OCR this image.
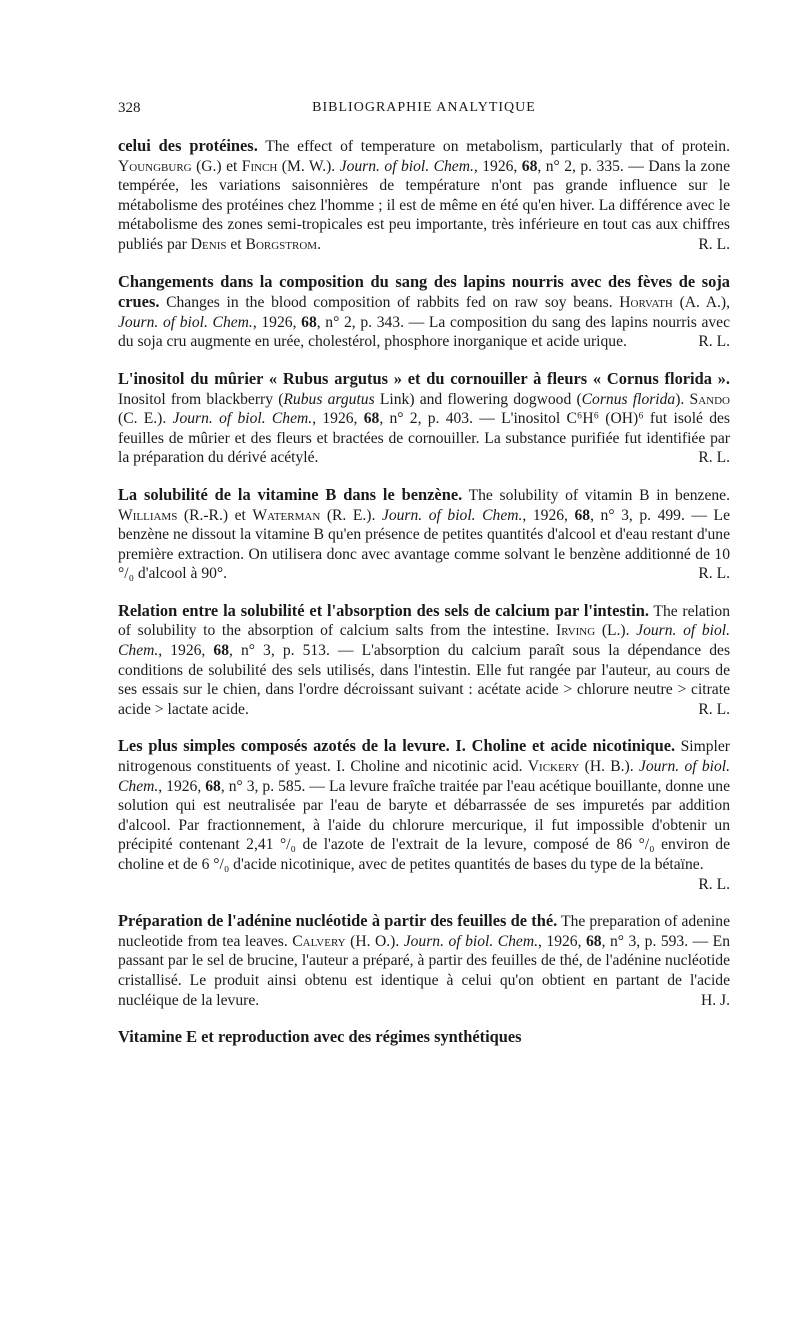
328	BIBLIOGRAPHIE ANALYTIQUE

celui des protéines. The effect of temperature on metabolism, particularly that of protein. Youngburg (G.) et Finch (M. W.). Journ. of biol. Chem., 1926, 68, n° 2, p. 335. — Dans la zone tempérée, les variations saisonnières de température n'ont pas grande influence sur le métabolisme des protéines chez l'homme ; il est de même en été qu'en hiver. La différence avec le métabolisme des zones semi-tropicales est peu importante, très inférieure en tout cas aux chiffres publiés par Denis et Borgstrom.	R. L.

Changements dans la composition du sang des lapins nourris avec des fèves de soja crues. Changes in the blood composition of rabbits fed on raw soy beans. Horvath (A. A.), Journ. of biol. Chem., 1926, 68, n° 2, p. 343. — La composition du sang des lapins nourris avec du soja cru augmente en urée, cholestérol, phosphore inorganique et acide urique.	R. L.

L'inositol du mûrier « Rubus argutus » et du cornouiller à fleurs « Cornus florida ». Inositol from blackberry (Rubus argutus Link) and flowering dogwood (Cornus florida). Sando (C. E.). Journ. of biol. Chem., 1926, 68, n° 2, p. 403. — L'inositol C⁶H⁶ (OH)⁶ fut isolé des feuilles de mûrier et des fleurs et bractées de cornouiller. La substance purifiée fut identifiée par la préparation du dérivé acétylé.	R. L.

La solubilité de la vitamine B dans le benzène. The solubility of vitamin B in benzene. Williams (R.-R.) et Waterman (R. E.). Journ. of biol. Chem., 1926, 68, n° 3, p. 499. — Le benzène ne dissout la vitamine B qu'en présence de petites quantités d'alcool et d'eau restant d'une première extraction. On utilisera donc avec avantage comme solvant le benzène additionné de 10 °/₀ d'alcool à 90°.	R. L.

Relation entre la solubilité et l'absorption des sels de calcium par l'intestin. The relation of solubility to the absorption of calcium salts from the intestine. Irving (L.). Journ. of biol. Chem., 1926, 68, n° 3, p. 513. — L'absorption du calcium paraît sous la dépendance des conditions de solubilité des sels utilisés, dans l'intestin. Elle fut rangée par l'auteur, au cours de ses essais sur le chien, dans l'ordre décroissant suivant : acétate acide > chlorure neutre > citrate acide > lactate acide.	R. L.

Les plus simples composés azotés de la levure. I. Choline et acide nicotinique. Simpler nitrogenous constituents of yeast. I. Choline and nicotinic acid. Vickery (H. B.). Journ. of biol. Chem., 1926, 68, n° 3, p. 585. — La levure fraîche traitée par l'eau acétique bouillante, donne une solution qui est neutralisée par l'eau de baryte et débarrassée de ses impuretés par addition d'alcool. Par fractionnement, à l'aide du chlorure mercurique, il fut impossible d'obtenir un précipité contenant 2,41 °/₀ de l'azote de l'extrait de la levure, composé de 86 °/₀ environ de choline et de 6 °/₀ d'acide nicotinique, avec de petites quantités de bases du type de la bétaïne.
R. L.

Préparation de l'adénine nucléotide à partir des feuilles de thé. The preparation of adenine nucleotide from tea leaves. Calvery (H. O.). Journ. of biol. Chem., 1926, 68, n° 3, p. 593. — En passant par le sel de brucine, l'auteur a préparé, à partir des feuilles de thé, de l'adénine nucléotide cristallisé. Le produit ainsi obtenu est identique à celui qu'on obtient en partant de l'acide nucléique de la levure.	H. J.

Vitamine E et reproduction avec des régimes synthétiques
